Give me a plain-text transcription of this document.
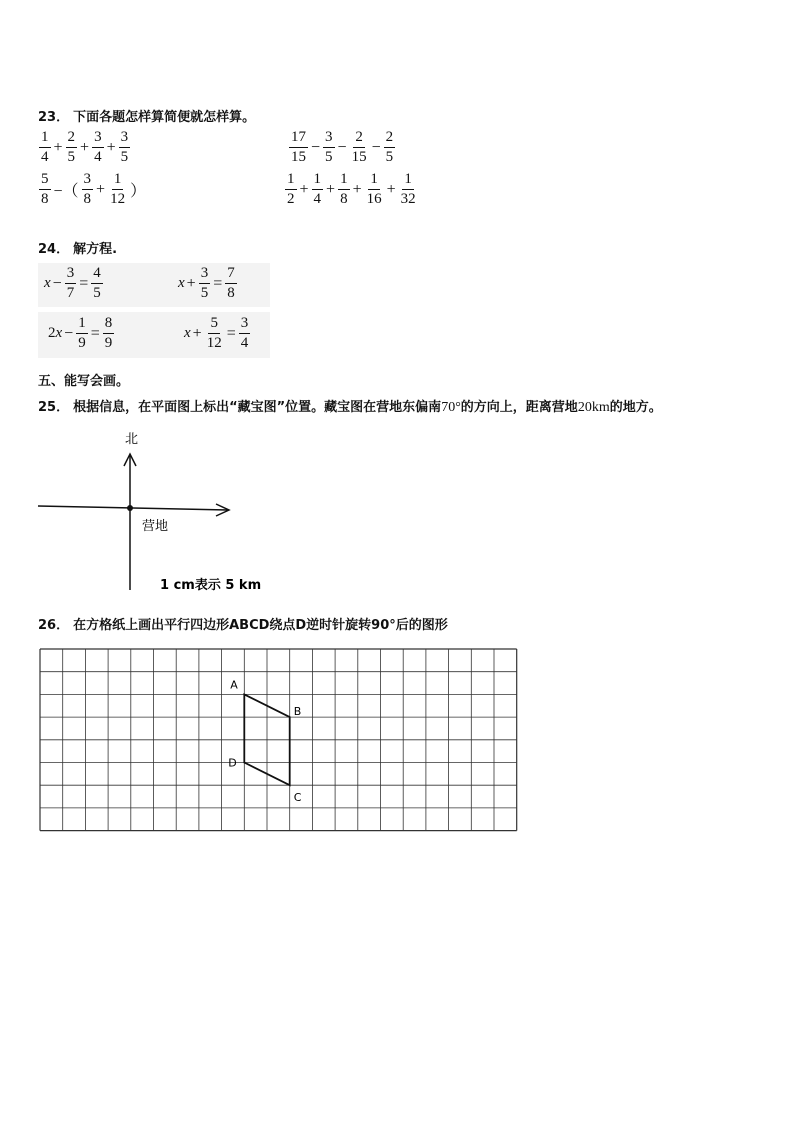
23． 下面各题怎样算简便就怎样算。
$\frac{1}{4} + \frac{2}{5} + \frac{3}{4} + \frac{3}{5}$	$\frac{17}{15} - \frac{3}{5} - \frac{2}{15} - \frac{2}{5}$
$\frac{5}{8}$ −（ $\frac{3}{8} + \frac{1}{12}$ ）	$\frac{1}{2} + \frac{1}{4} + \frac{1}{8} + \frac{1}{16} + \frac{1}{32}$
24． 解方程.
$x - \frac{3}{7} = \frac{4}{5}$	$x + \frac{3}{5} = \frac{7}{8}$
2 $x - \frac{1}{9} = \frac{8}{9}$	$x + \frac{5}{12} = \frac{3}{4}$
五、能写会画。
25． 根据信息，在平面图上标出“藏宝图”位置。藏宝图在营地东偏南70°的方向上，距离营地20km的地方。
北
营地
1 cm表示 5 km
26． 在方格纸上画出平行四边形ABCD绕点D逆时针旋转90°后的图形
A
B
C
D
